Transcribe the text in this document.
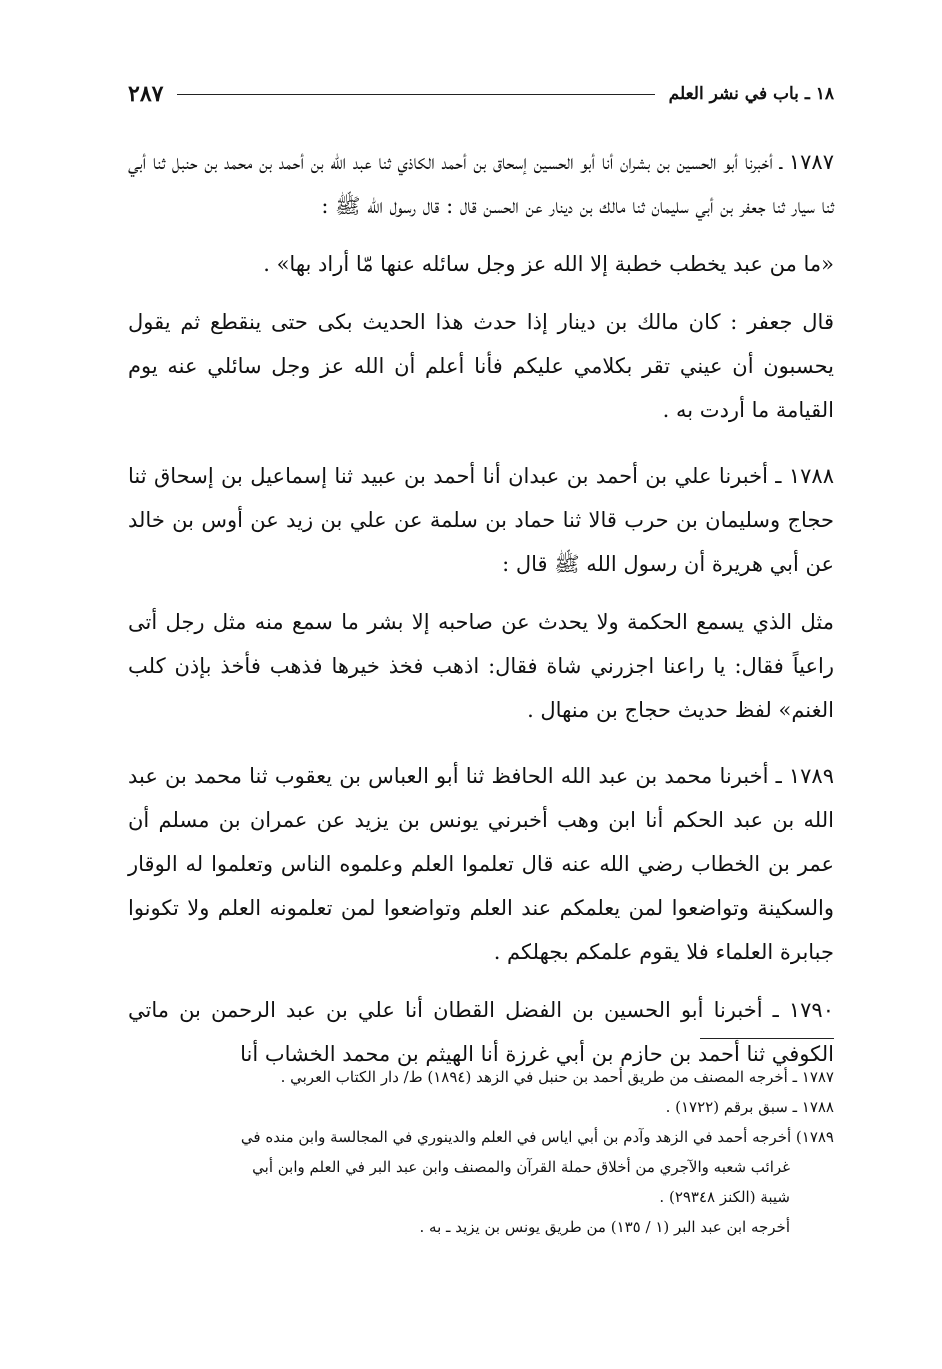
١٨ ـ باب في نشر العلم
٢٨٧

١٧٨٧ ـ أخبرنا أبو الحسين بن بشران أنا أبو الحسين إسحاق بن أحمد الكاذي ثنا عبد الله بن أحمد بن محمد بن حنبل ثنا أبي ثنا سيار ثنا جعفر بن أبي سليمان ثنا مالك بن دينار عن الحسن قال : قال رسول الله ﷺ :

«ما من عبد يخطب خطبة إلا الله عز وجل سائله عنها مّا أراد بها» .

قال جعفر : كان مالك بن دينار إذا حدث هذا الحديث بكى حتى ينقطع ثم يقول يحسبون أن عيني تقر بكلامي عليكم فأنا أعلم أن الله عز وجل سائلي عنه يوم القيامة ما أردت به .

١٧٨٨ ـ أخبرنا علي بن أحمد بن عبدان أنا أحمد بن عبيد ثنا إسماعيل بن إسحاق ثنا حجاج وسليمان بن حرب قالا ثنا حماد بن سلمة عن علي بن زيد عن أوس بن خالد عن أبي هريرة أن رسول الله ﷺ قال :

مثل الذي يسمع الحكمة ولا يحدث عن صاحبه إلا بشر ما سمع منه مثل رجل أتى راعياً فقال: يا راعنا اجزرني شاة فقال: اذهب فخذ خيرها فذهب فأخذ بإذن كلب الغنم» لفظ حديث حجاج بن منهال .

١٧٨٩ ـ أخبرنا محمد بن عبد الله الحافظ ثنا أبو العباس بن يعقوب ثنا محمد بن عبد الله بن عبد الحكم أنا ابن وهب أخبرني يونس بن يزيد عن عمران بن مسلم أن عمر بن الخطاب رضي الله عنه قال تعلموا العلم وعلموه الناس وتعلموا له الوقار والسكينة وتواضعوا لمن يعلمكم عند العلم وتواضعوا لمن تعلمونه العلم ولا تكونوا جبابرة العلماء فلا يقوم علمكم بجهلكم .

١٧٩٠ ـ أخبرنا أبو الحسين بن الفضل القطان أنا علي بن عبد الرحمن بن ماتي الكوفي ثنا أحمد بن حازم بن أبي غرزة أنا الهيثم بن محمد الخشاب أنا

١٧٨٧ ـ أخرجه المصنف من طريق أحمد بن حنبل في الزهد (١٨٩٤) ط/ دار الكتاب العربي .

١٧٨٨ ـ سبق برقم (١٧٢٢) .

١٧٨٩) أخرجه أحمد في الزهد وآدم بن أبي اياس في العلم والدينوري في المجالسة وابن منده في

غرائب شعبه والآجري من أخلاق حملة القرآن والمصنف وابن عبد البر في العلم وابن أبي

شيبة (الكنز ٢٩٣٤٨) .

أخرجه ابن عبد البر (١ / ١٣٥) من طريق يونس بن يزيد ـ به .
